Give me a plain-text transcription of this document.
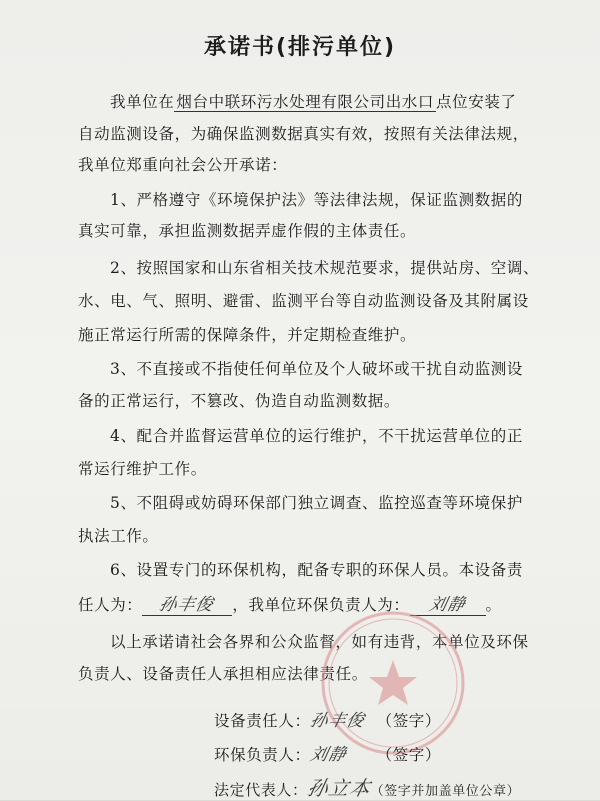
承诺书(排污单位)
我单位在 烟台中联环污水处理有限公司出水口 点位安装了
自动监测设备，为确保监测数据真实有效，按照有关法律法规，
我单位郑重向社会公开承诺：
1、严格遵守《环境保护法》等法律法规，保证监测数据的
真实可靠，承担监测数据弄虚作假的主体责任。
2、按照国家和山东省相关技术规范要求，提供站房、空调、
水、电、气、照明、避雷、监测平台等自动监测设备及其附属设
施正常运行所需的保障条件，并定期检查维护。
3、不直接或不指使任何单位及个人破坏或干扰自动监测设
备的正常运行，不篡改、伪造自动监测数据。
4、配合并监督运营单位的运行维护，不干扰运营单位的正
常运行维护工作。
5、不阻碍或妨碍环保部门独立调查、监控巡查等环境保护
执法工作。
6、设置专门的环保机构，配备专职的环保人员。本设备责
任人为： 孙丰俊 ，我单位环保负责人为： 刘静 。
以上承诺请社会各界和公众监督，如有违背，本单位及环保
负责人、设备责任人承担相应法律责任。
设备责任人：孙丰俊 （签字）
环保负责人：刘静 （签字）
法定代表人：孙立本（签字并加盖单位公章）
